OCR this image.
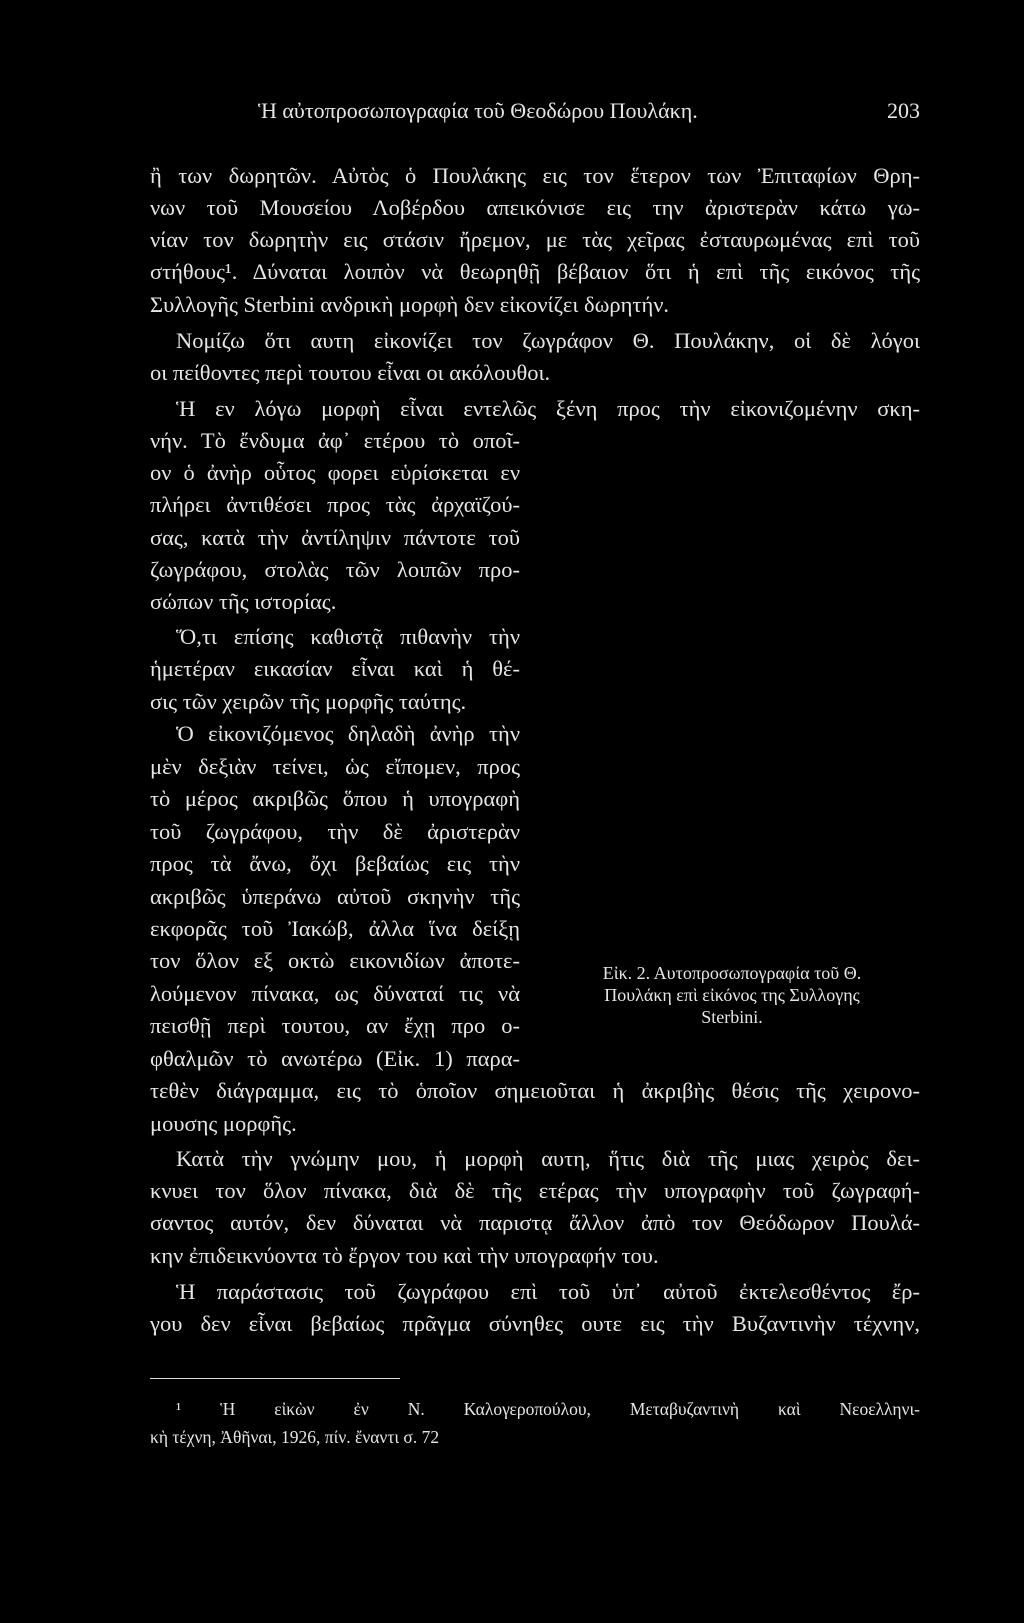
Ἡ αὐτοπροσωπογραφία τοῦ Θεοδώρου Πουλάκη.	203
ἢ των δωρητῶν. Αὐτὸς ὁ Πουλάκης εις τον ἕτερον των Ἐπιταφίων Θρη-
νων τοῦ Μουσείου Λοβέρδου απεικόνισε εις την ἀριστερὰν κάτω γω-
νίαν τον δωρητὴν εις στάσιν ἤρεμον, με τὰς χεῖρας ἐσταυρωμένας επὶ τοῦ
στήθους¹. Δύναται λοιπὸν νὰ θεωρηθῇ βέβαιον ὅτι ἡ επὶ τῆς εικόνος τῆς
Συλλογῆς Sterbini ανδρικὴ μορφὴ δεν εἰκονίζει δωρητήν.
Νομίζω ὅτι αυτη εἰκονίζει τον ζωγράφον Θ. Πουλάκην, οἱ δὲ λόγοι
οι πείθοντες περὶ τουτου εἶναι οι ακόλουθοι.
Ἡ εν λόγω μορφὴ εἶναι εντελῶς ξένη προς τὴν εἰκονιζομένην σκη-
νήν. Τὸ ἔνδυμα ἀφ᾿ ετέρου τὸ οποῖ-
ον ὁ ἀνὴρ οὗτος φορει εὑρίσκεται εν
πλήρει ἀντιθέσει προς τὰς ἀρχαϊζού-
σας, κατὰ τὴν ἀντίληψιν πάντοτε τοῦ
ζωγράφου, στολὰς τῶν λοιπῶν προ-
σώπων τῆς ιστορίας.
Ὅ,τι επίσης καθιστᾷ πιθανὴν τὴν
ἡμετέραν εικασίαν εἶναι καὶ ἡ θέ-
σις τῶν χειρῶν τῆς μορφῆς ταύτης.
Ὁ εἰκονιζόμενος δηλαδὴ ἀνὴρ τὴν
μὲν δεξιὰν τείνει, ὡς εἴπομεν, προς
τὸ μέρος ακριβῶς ὅπου ἡ υπογραφὴ
τοῦ ζωγράφου, τὴν δὲ ἀριστερὰν
προς τὰ ἄνω, ὄχι βεβαίως εις τὴν
ακριβῶς ὑπεράνω αὐτοῦ σκηνὴν τῆς
εκφορᾶς τοῦ Ἰακώβ, ἀλλα ἵνα δείξῃ
τον ὅλον εξ οκτὼ εικονιδίων ἀποτε-
λούμενον πίνακα, ως δύναταί τις νὰ
πεισθῇ περὶ τουτου, αν ἔχῃ προ ο-
φθαλμῶν τὸ ανωτέρω (Εἰκ. 1) παρα-
τεθὲν διάγραμμα, εις τὸ ὁποῖον σημειοῦται ἡ ἀκριβὴς θέσις τῆς χειρονο-
μουσης μορφῆς.
Κατὰ τὴν γνώμην μου, ἡ μορφὴ αυτη, ἥτις διὰ τῆς μιας χειρὸς δει-
κνυει τον ὅλον πίνακα, διὰ δὲ τῆς ετέρας τὴν υπογραφὴν τοῦ ζωγραφή-
σαντος αυτόν, δεν δύναται νὰ παριστᾳ ἄλλον ἀπὸ τον Θεόδωρον Πουλά-
κην ἐπιδεικνύοντα τὸ ἔργον του καὶ τὴν υπογραφήν του.
Ἡ παράστασις τοῦ ζωγράφου επὶ τοῦ ὑπ᾿ αὐτοῦ ἐκτελεσθέντος ἔρ-
γου δεν εἶναι βεβαίως πρᾶγμα σύνηθες ουτε εις τὴν Βυζαντινὴν τέχνην,
Εἰκ. 2. Αυτοπροσωπογραφία τοῦ Θ.
Πουλάκη επὶ εἰκόνος της Συλλογης
Sterbini.
¹ Ἡ εἰκὼν ἐν Ν. Καλογεροπούλου, Μεταβυζαντινὴ καὶ Νεοελληνι-
κὴ τέχνη, Ἀθῆναι, 1926, πίν. ἔναντι σ. 72
